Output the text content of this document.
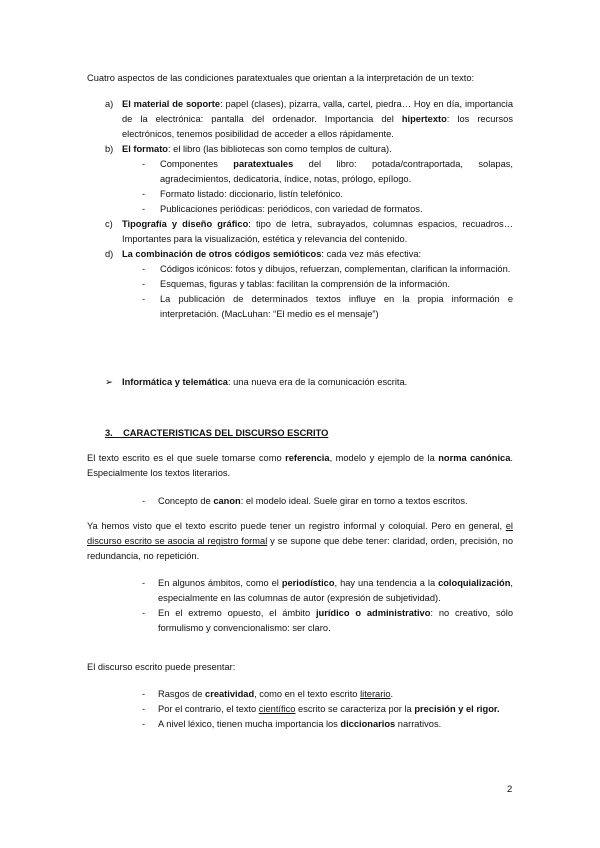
Cuatro aspectos de las condiciones paratextuales que orientan a la interpretación de un texto:

a) El material de soporte: papel (clases), pizarra, valla, cartel, piedra… Hoy en día, importancia de la electrónica: pantalla del ordenador. Importancia del hipertexto: los recursos electrónicos, tenemos posibilidad de acceder a ellos rápidamente.
b) El formato: el libro (las bibliotecas son como templos de cultura).
- Componentes paratextuales del libro: potada/contraportada, solapas, agradecimientos, dedicatoria, índice, notas, prólogo, epílogo.
- Formato listado: diccionario, listín telefónico.
- Publicaciones periódicas: periódicos, con variedad de formatos.
c) Tipografía y diseño gráfico: tipo de letra, subrayados, columnas espacios, recuadros… Importantes para la visualización, estética y relevancia del contenido.
d) La combinación de otros códigos semióticos: cada vez más efectiva:
- Códigos icónicos: fotos y dibujos, refuerzan, complementan, clarifican la información.
- Esquemas, figuras y tablas: facilitan la comprensión de la información.
- La publicación de determinados textos influye en la propia información e interpretación. (MacLuhan: “El medio es el mensaje”)

➢ Informática y telemática: una nueva era de la comunicación escrita.

3.    CARACTERISTICAS DEL DISCURSO ESCRITO

El texto escrito es el que suele tomarse como referencia, modelo y ejemplo de la norma canónica. Especialmente los textos literarios.

- Concepto de canon: el modelo ideal. Suele girar en torno a textos escritos.

Ya hemos visto que el texto escrito puede tener un registro informal y coloquial. Pero en general, el discurso escrito se asocia al registro formal y se supone que debe tener: claridad, orden, precisión, no redundancia, no repetición.

- En algunos ámbitos, como el periodístico, hay una tendencia a la coloquialización, especialmente en las columnas de autor (expresión de subjetividad).
- En el extremo opuesto, el ámbito jurídico o administrativo: no creativo, sólo formulismo y convencionalismo: ser claro.

El discurso escrito puede presentar:

- Rasgos de creatividad, como en el texto escrito literario.
- Por el contrario, el texto científico escrito se caracteriza por la precisión y el rigor.
- A nivel léxico, tienen mucha importancia los diccionarios narrativos.
2
